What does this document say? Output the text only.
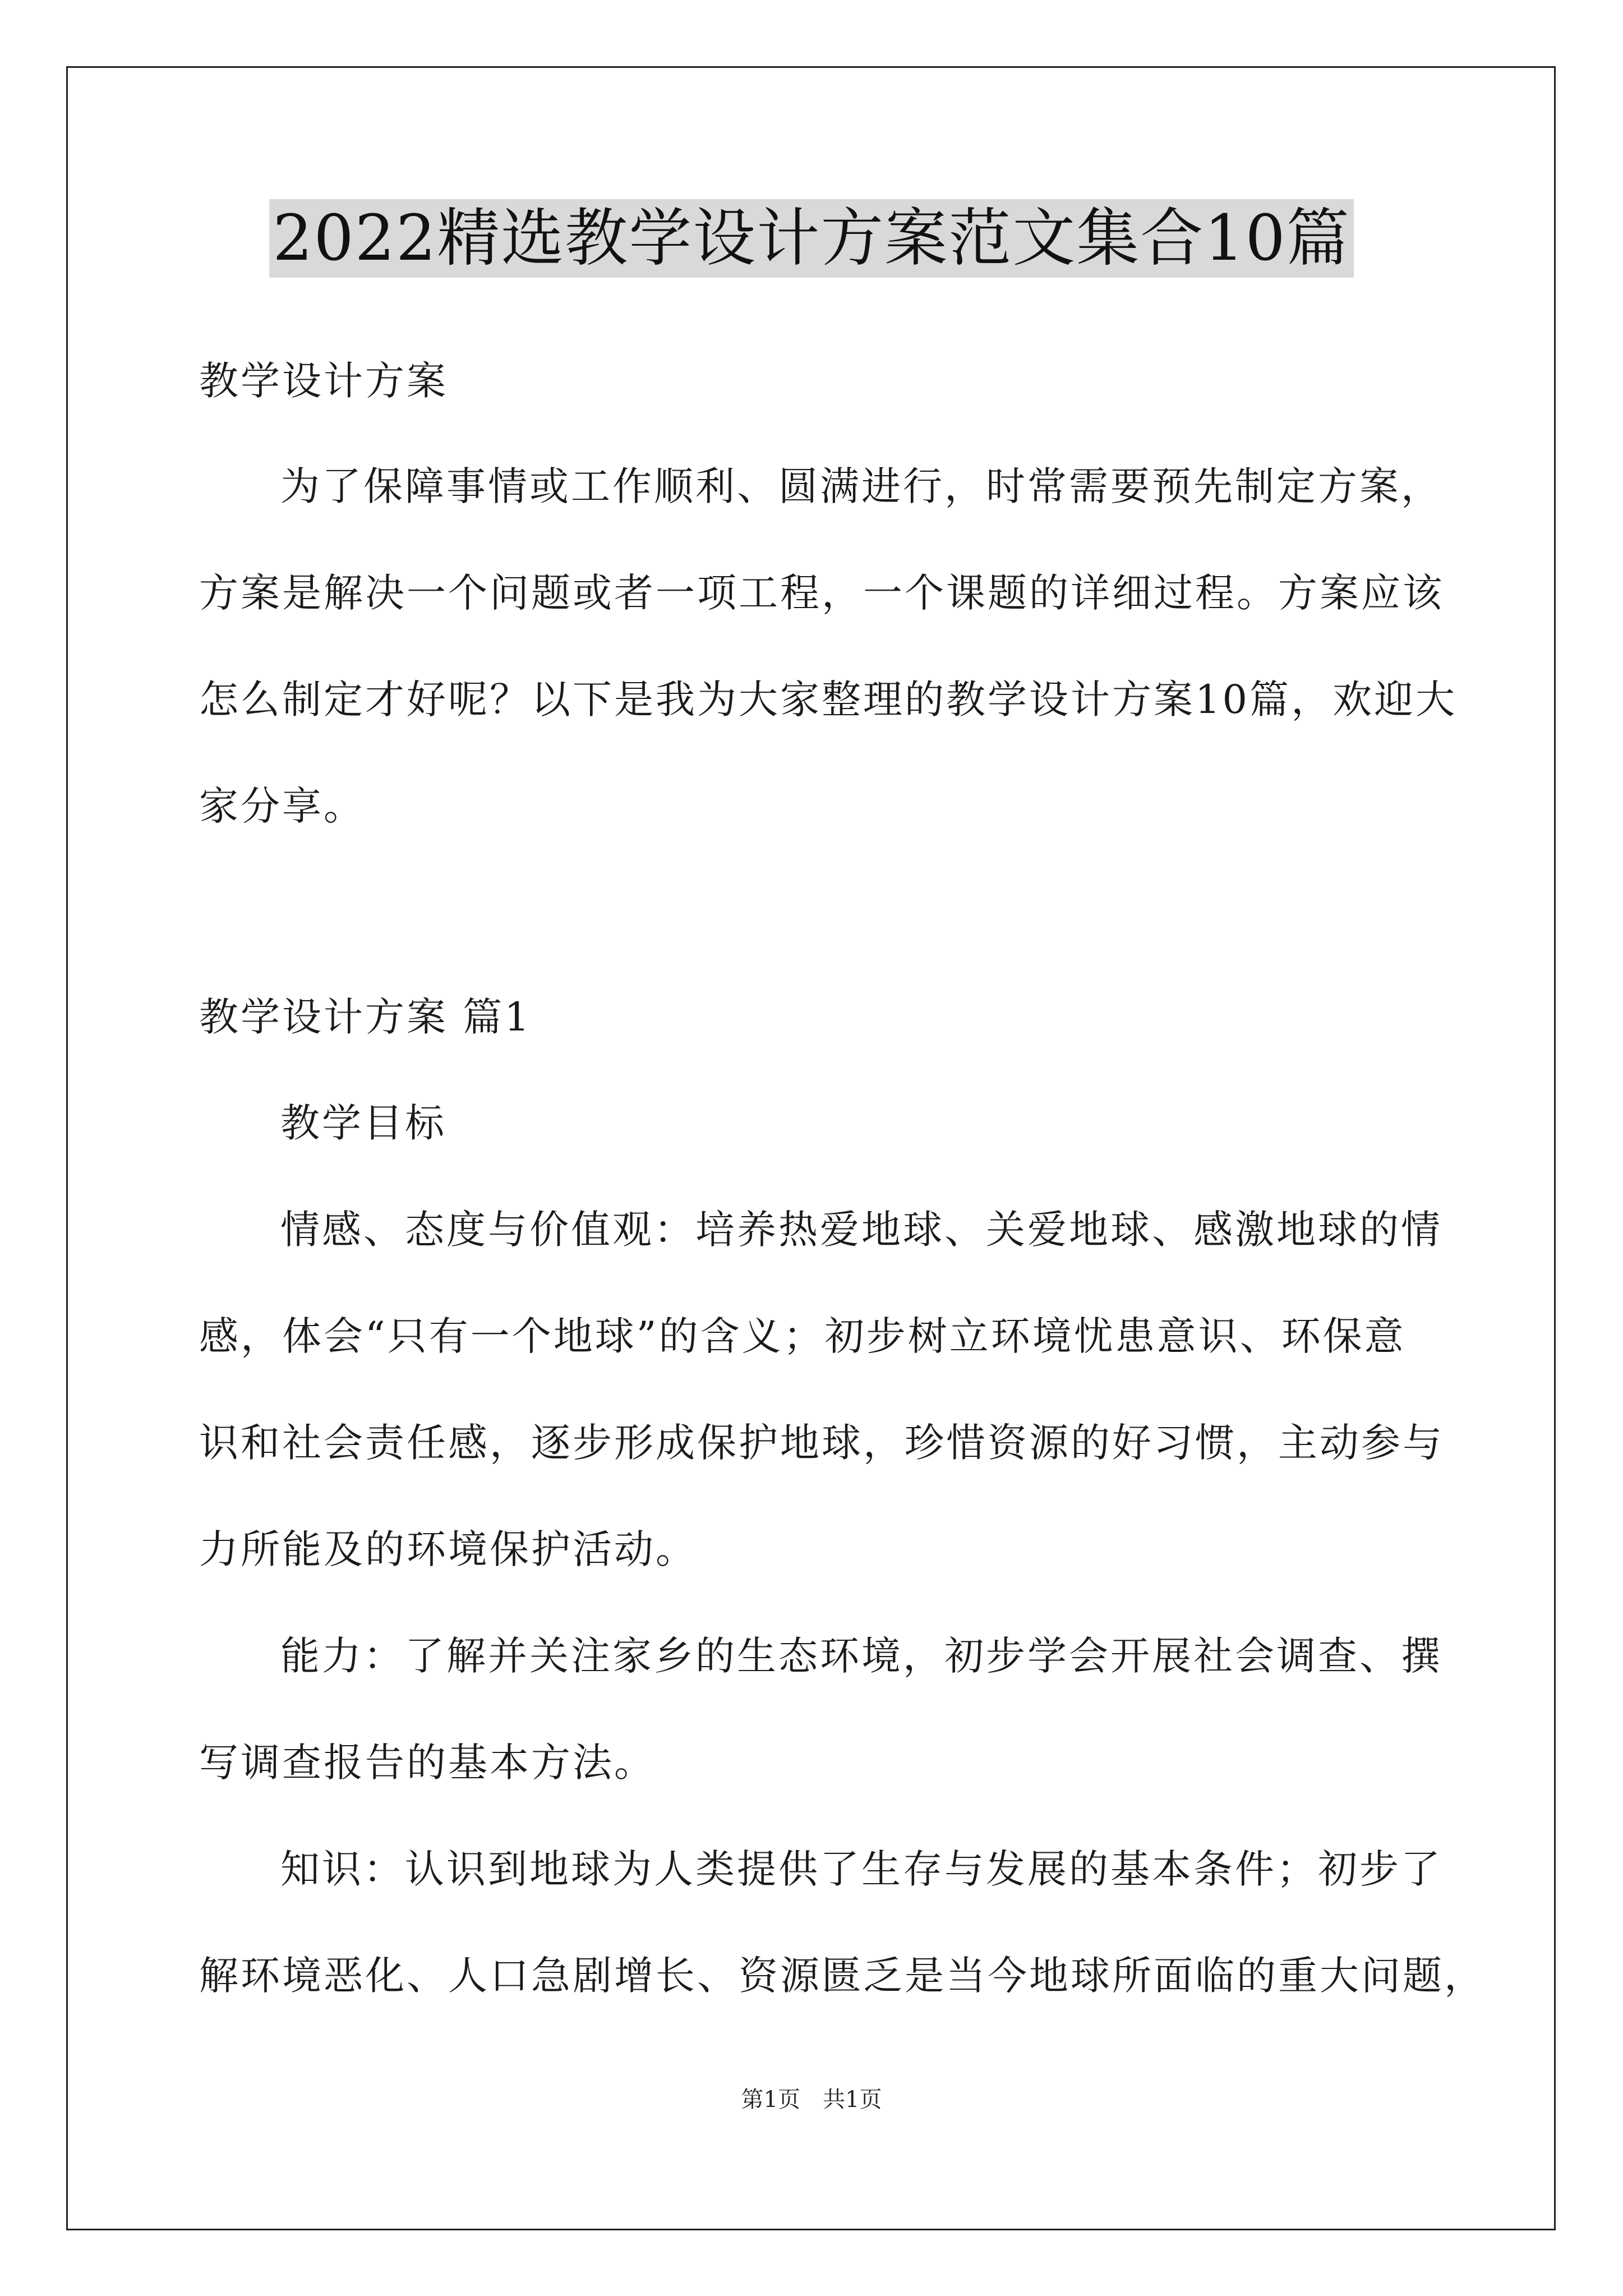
2022精选教学设计方案范文集合10篇
教学设计方案
为了保障事情或工作顺利、圆满进行，时常需要预先制定方案，
方案是解决一个问题或者一项工程，一个课题的详细过程。方案应该
怎么制定才好呢？以下是我为大家整理的教学设计方案10篇，欢迎大
家分享。
教学设计方案 篇1
教学目标
情感、态度与价值观：培养热爱地球、关爱地球、感激地球的情
感，体会“只有一个地球”的含义；初步树立环境忧患意识、环保意
识和社会责任感，逐步形成保护地球，珍惜资源的好习惯，主动参与
力所能及的环境保护活动。
能力：了解并关注家乡的生态环境，初步学会开展社会调查、撰
写调查报告的基本方法。
知识：认识到地球为人类提供了生存与发展的基本条件；初步了
解环境恶化、人口急剧增长、资源匮乏是当今地球所面临的重大问题，
第1页 共1页
